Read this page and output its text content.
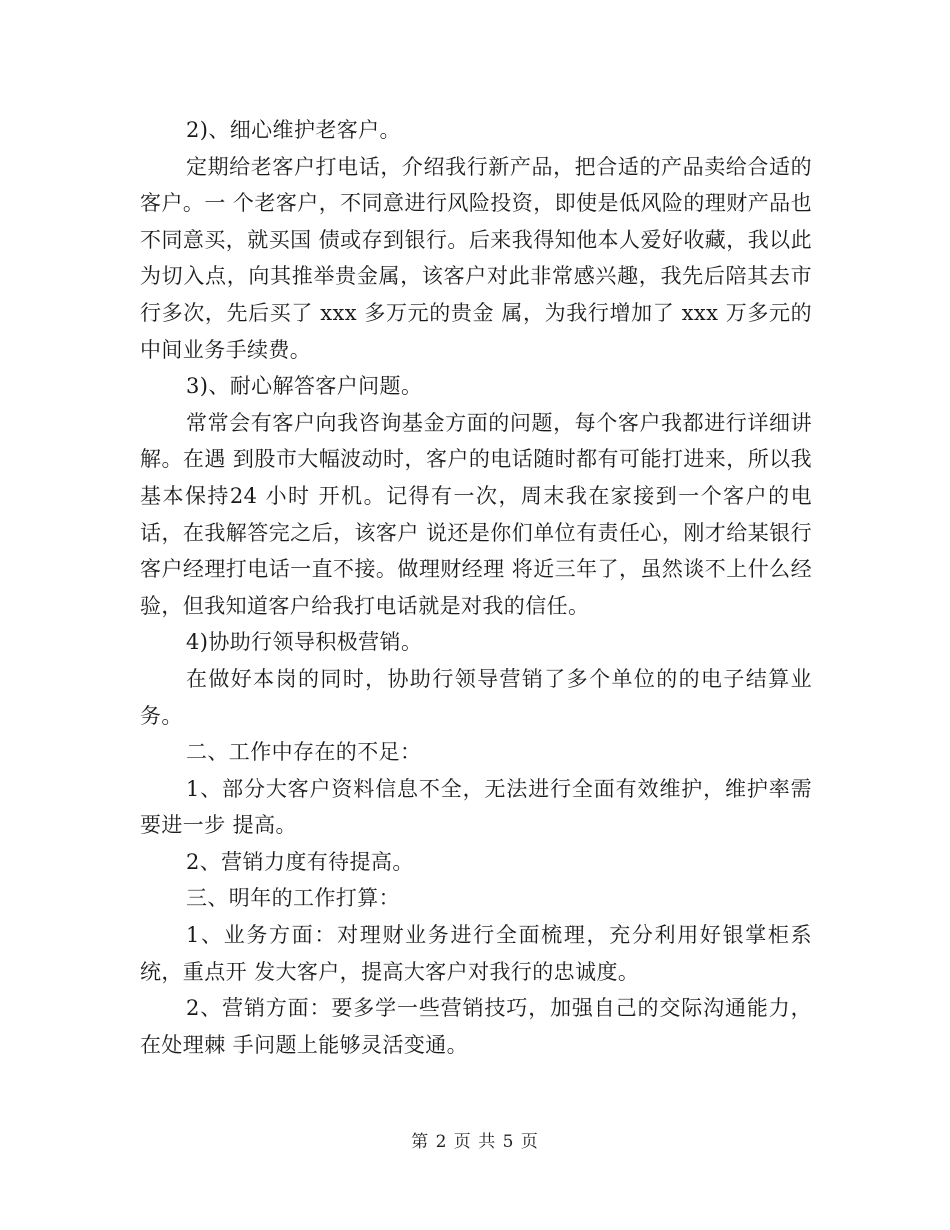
2)、细心维护老客户。

定期给老客户打电话，介绍我行新产品，把合适的产品卖给合适的客户。一 个老客户，不同意进行风险投资，即使是低风险的理财产品也不同意买，就买国 债或存到银行。后来我得知他本人爱好收藏，我以此为切入点，向其推举贵金属，该客户对此非常感兴趣，我先后陪其去市行多次，先后买了 xxx 多万元的贵金 属，为我行增加了 xxx 万多元的中间业务手续费。

3)、耐心解答客户问题。

常常会有客户向我咨询基金方面的问题，每个客户我都进行详细讲解。在遇 到股市大幅波动时，客户的电话随时都有可能打进来，所以我基本保持24 小时 开机。记得有一次，周末我在家接到一个客户的电话，在我解答完之后，该客户 说还是你们单位有责任心，刚才给某银行客户经理打电话一直不接。做理财经理 将近三年了，虽然谈不上什么经验，但我知道客户给我打电话就是对我的信任。

4)协助行领导积极营销。

在做好本岗的同时，协助行领导营销了多个单位的的电子结算业务。

二、工作中存在的不足：

1、部分大客户资料信息不全，无法进行全面有效维护，维护率需要进一步 提高。

2、营销力度有待提高。

三、明年的工作打算：

1、业务方面：对理财业务进行全面梳理，充分利用好银掌柜系统，重点开 发大客户，提高大客户对我行的忠诚度。

2、营销方面：要多学一些营销技巧，加强自己的交际沟通能力，在处理棘 手问题上能够灵活变通。

第 2 页 共 5 页
